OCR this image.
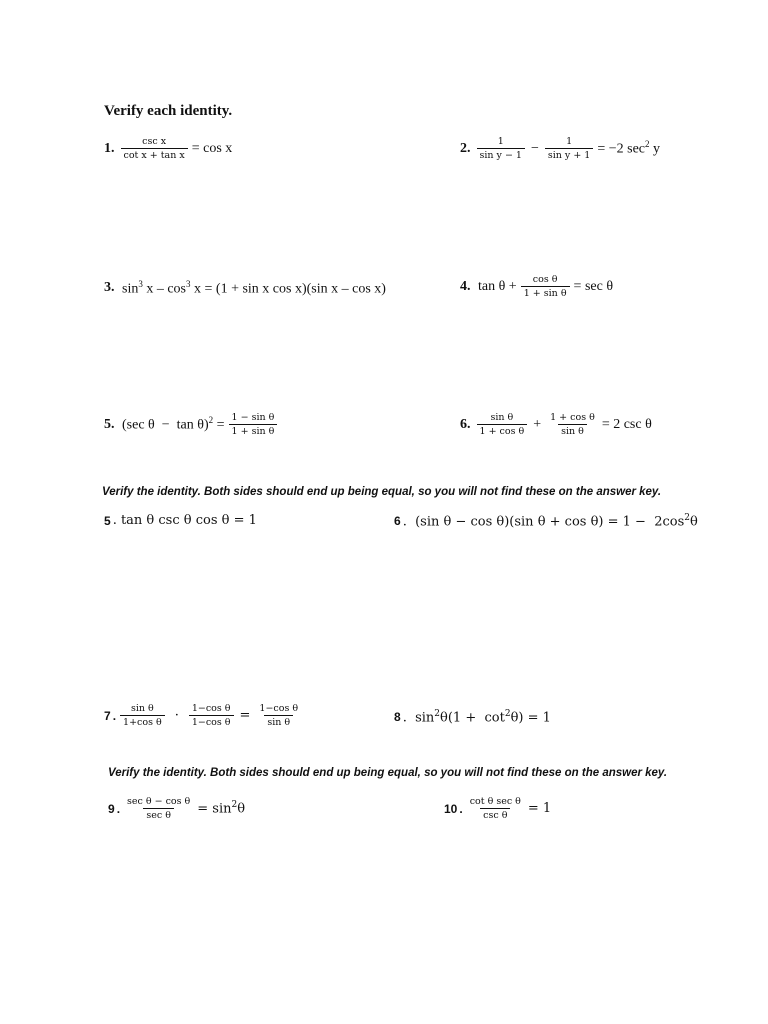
Verify each identity.
1. $\frac{\text{csc x}}{\text{cot x + tan x}} = \cos x$	2. $\frac{1}{\text{sin y − 1}} - \frac{1}{\text{sin y + 1}} = -2$ $\sec^2 y$
3. $\sin^3 x - \cos^3 x = (1 + \sin x$ cos x)(sin x – cos x)	4. $\tan \theta + \frac{\text{cos θ}}{\text{1 + sin θ}} = \sec \theta$
5. (sec $\theta - \tan \theta)^2 = \frac{\text{1 − sin θ}}{\text{1 + sin θ}}$	6. $\frac{\text{sin θ}}{\text{1 + cos θ}} + \frac{\text{1 + cos θ}}{\text{sin θ}} = 2$ csc θ
Verify the identity. Both sides should end up being equal, so you will not find these on the answer key.
5 . tan θ csc θ cos θ = 1	6 .  (sin θ − cos θ)(sin $\theta + \cos \theta) = 1 - 2\cos^2\theta$
7 . $\frac{\text{sin θ}}{\text{1+cos θ}} \cdot \frac{\text{1−cos θ}}{\text{1−cos θ}} = \frac{\text{1−cos θ}}{\text{sin θ}}$	8 .  $\sin^2\theta(1 + \cot^2\theta) = 1$
Verify the identity. Both sides should end up being equal, so you will not find these on the answer key.
9 . $\frac{\text{sec θ − cos θ}}{\text{sec θ}} = \sin^2\theta$	10 . $\frac{\text{cot θ sec θ}}{\text{csc θ}} = 1$
